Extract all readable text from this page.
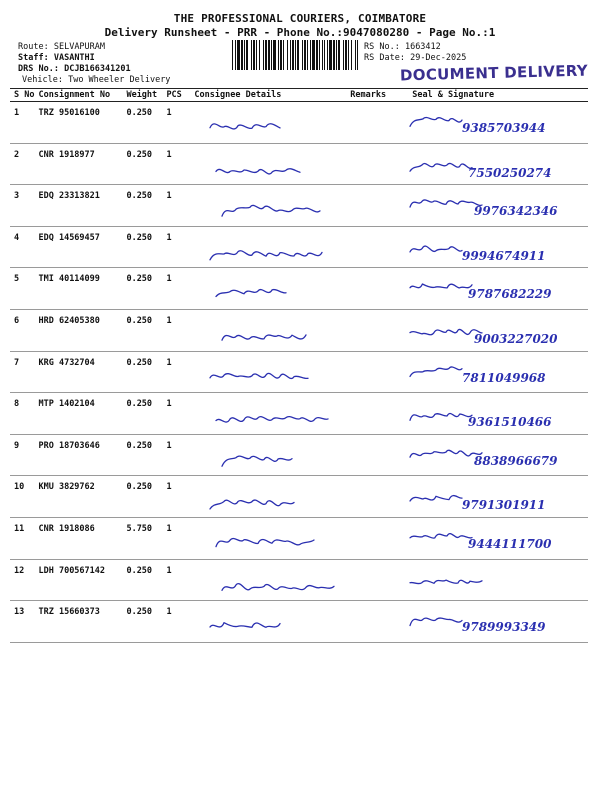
THE PROFESSIONAL COURIERS, COIMBATORE
Delivery Runsheet - PRR - Phone No.:9047080280 - Page No.:1
Route: SELVAPURAM
Staff: VASANTHI
DRS No.: DCJB166341201
Vehicle: Two Wheeler Delivery
RS No.: 1663412
RS Date: 29-Dec-2025
DOCUMENT DELIVERY
S No	Consignment No	Weight	PCS	Consignee Details	Remarks	Seal & Signature
1	TRZ 95016100	0.250	1			9385703944

2	CNR 1918977	0.250	1			7550250274

3	EDQ 23313821	0.250	1			9976342346

4	EDQ 14569457	0.250	1			9994674911

5	TMI 40114099	0.250	1			9787682229

6	HRD 62405380	0.250	1			9003227020

7	KRG 4732704	0.250	1			7811049968

8	MTP 1402104	0.250	1			9361510466

9	PRO 18703646	0.250	1			8838966679

10	KMU 3829762	0.250	1			9791301911

11	CNR 1918086	5.750	1			9444111700

12	LDH 700567142	0.250	1	

13	TRZ 15660373	0.250	1			9789993349
